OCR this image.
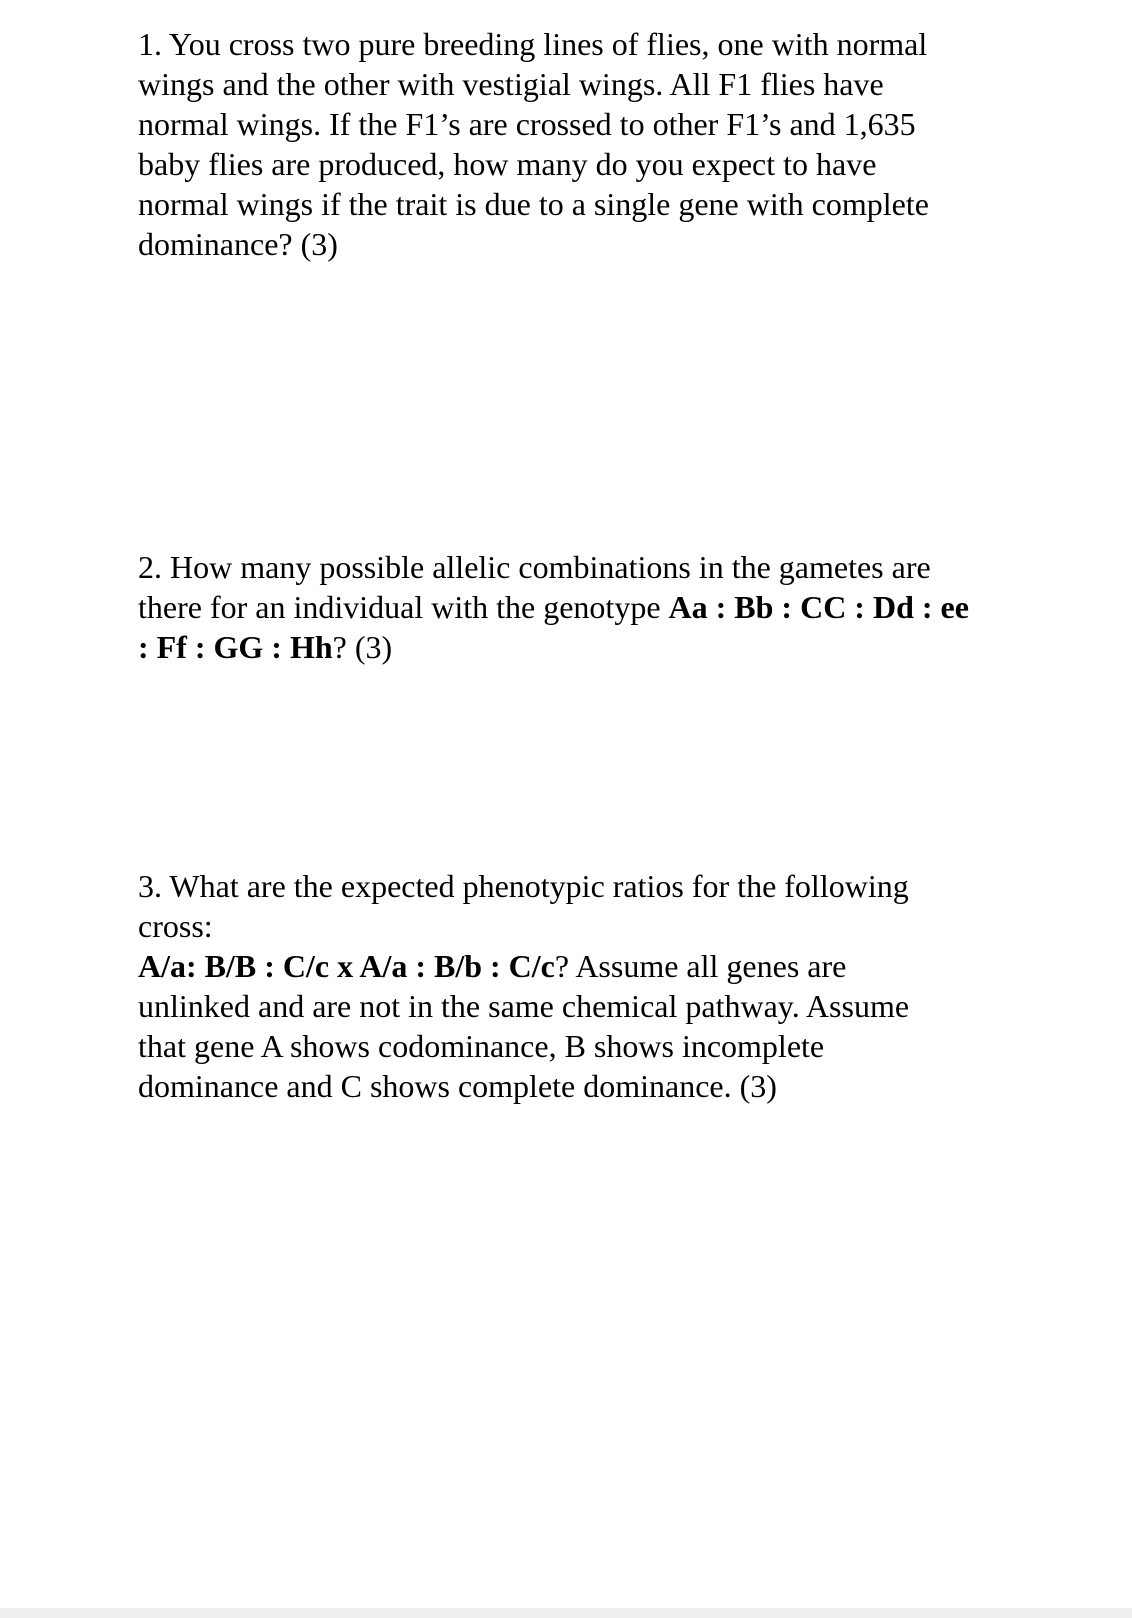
1. You cross two pure breeding lines of flies, one with normal
wings and the other with vestigial wings. All F1 flies have
normal wings. If the F1’s are crossed to other F1’s and 1,635
baby flies are produced, how many do you expect to have
normal wings if the trait is due to a single gene with complete
dominance? (3)

2. How many possible allelic combinations in the gametes are
there for an individual with the genotype Aa : Bb : CC : Dd : ee
: Ff : GG : Hh? (3)

3. What are the expected phenotypic ratios for the following
cross:
A/a: B/B : C/c x A/a : B/b : C/c? Assume all genes are
unlinked and are not in the same chemical pathway. Assume
that gene A shows codominance, B shows incomplete
dominance and C shows complete dominance. (3)
